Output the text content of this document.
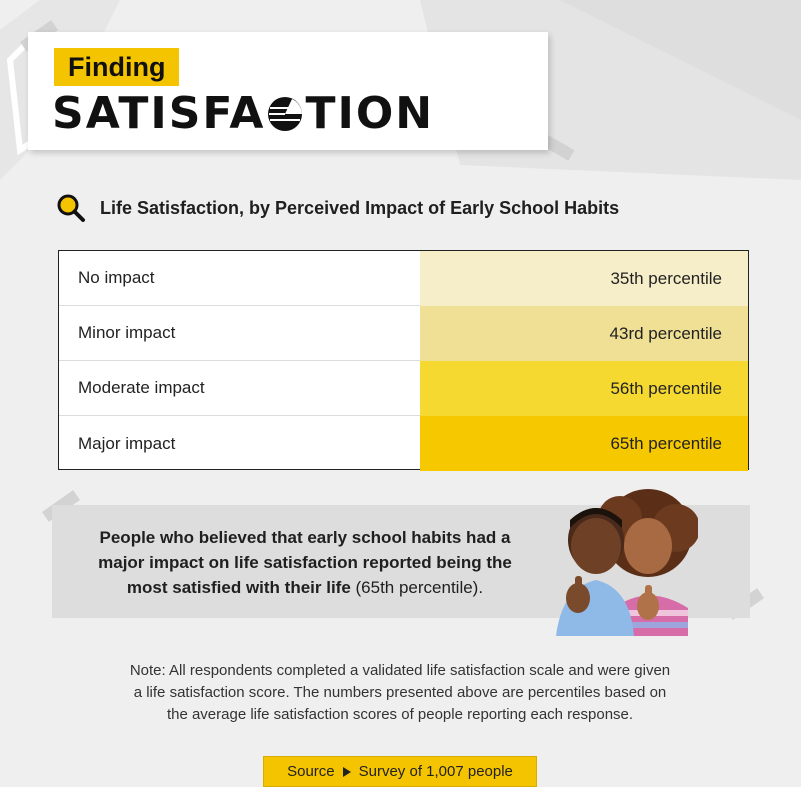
Finding
SATISFA TION
Life Satisfaction, by Perceived Impact of Early School Habits
No impact	35th percentile
Minor impact	43rd percentile
Moderate impact	56th percentile
Major impact	65th percentile
People who believed that early school habits had a
major impact on life satisfaction reported being the
most satisfied with their life (65th percentile).
Note: All respondents completed a validated life satisfaction scale and were given
a life satisfaction score. The numbers presented above are percentiles based on
the average life satisfaction scores of people reporting each response.
Source Survey of 1,007 people
